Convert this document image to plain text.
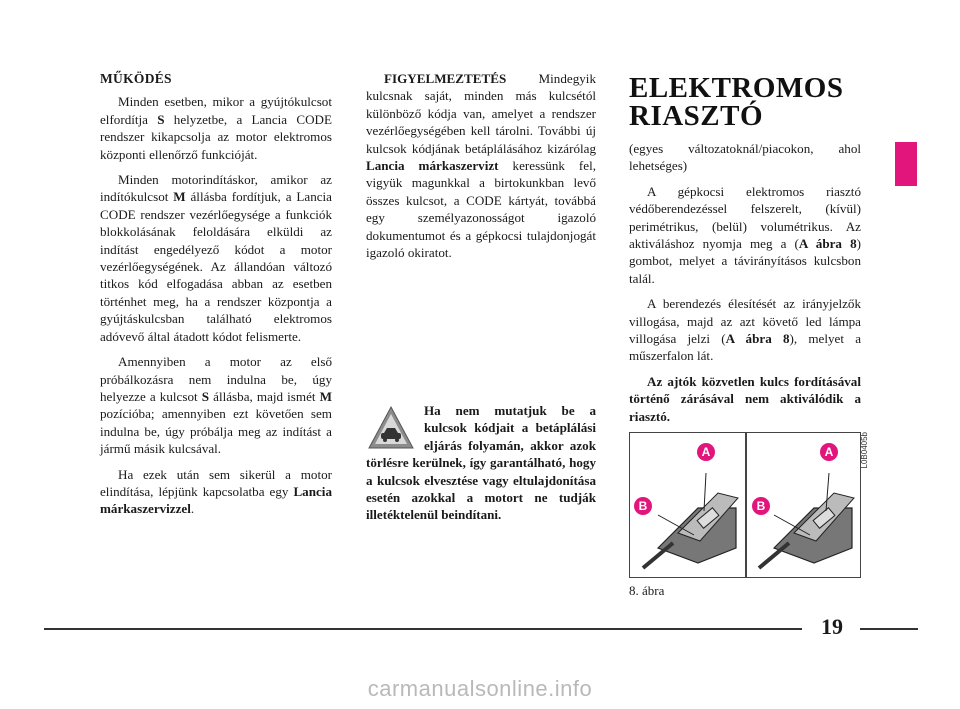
MŰKÖDÉS

Minden esetben, mikor a gyújtókulcsot elfordítja S helyzetbe, a Lancia CODE rendszer kikapcsolja az motor elektromos központi ellenőrző funkcióját.

Minden motorindításkor, amikor az indítókulcsot M állásba fordítjuk, a Lancia CODE rendszer vezérlőegysége a funkciók blokkolásának feloldására elküldi az indítást engedélyező kódot a motor vezérlőegységének. Az állandóan változó titkos kód elfogadása abban az esetben történhet meg, ha a rendszer központja a gyújtáskulcsban található elektromos adóvevő által átadott kódot felismerte.

Amennyiben a motor az első próbálkozásra nem indulna be, úgy helyezze a kulcsot S állásba, majd ismét M pozícióba; amennyiben ezt követően sem indulna be, úgy próbálja meg az indítást a jármű másik kulcsával.

Ha ezek után sem sikerül a motor elindítása, lépjünk kapcsolatba egy Lancia márkaszervizzel.

FIGYELMEZTETÉS Mindegyik kulcsnak saját, minden más kulcsétól különböző kódja van, amelyet a rendszer vezérlőegységében kell tárolni. További új kulcsok kódjának betáplálásához kizárólag Lancia márkaszervizt keressünk fel, vigyük magunkkal a birtokunkban levő összes kulcsot, a CODE kártyát, továbbá egy személyazonosságot igazoló dokumentumot és a gépkocsi tulajdonjogát igazoló okiratot.

Ha nem mutatjuk be a kulcsok kódjait a betáplálási eljárás folyamán, akkor azok törlésre kerülnek, így garantálható, hogy a kulcsok elvesztése vagy eltulajdonítása esetén azokkal a motort ne tudják illetéktelenül beindítani.
ELEKTROMOS
RIASZTÓ

(egyes változatoknál/piacokon, ahol lehetséges)

A gépkocsi elektromos riasztó védőberendezéssel felszerelt, (kívül) perimétrikus, (belül) volumétrikus. Az aktiváláshoz nyomja meg a (A ábra 8) gombot, melyet a távirányításos kulcsbon talál.

A berendezés élesítését az irányjelzők villogása, majd az azt követő led lámpa villogása jelzi (A ábra 8), melyet a műszerfalon lát.

Az ajtók közvetlen kulcs fordításával történő zárásával nem aktiválódik a riasztó.

A
B
A
B
L0B0405b
8. ábra
19
carmanualsonline.info
